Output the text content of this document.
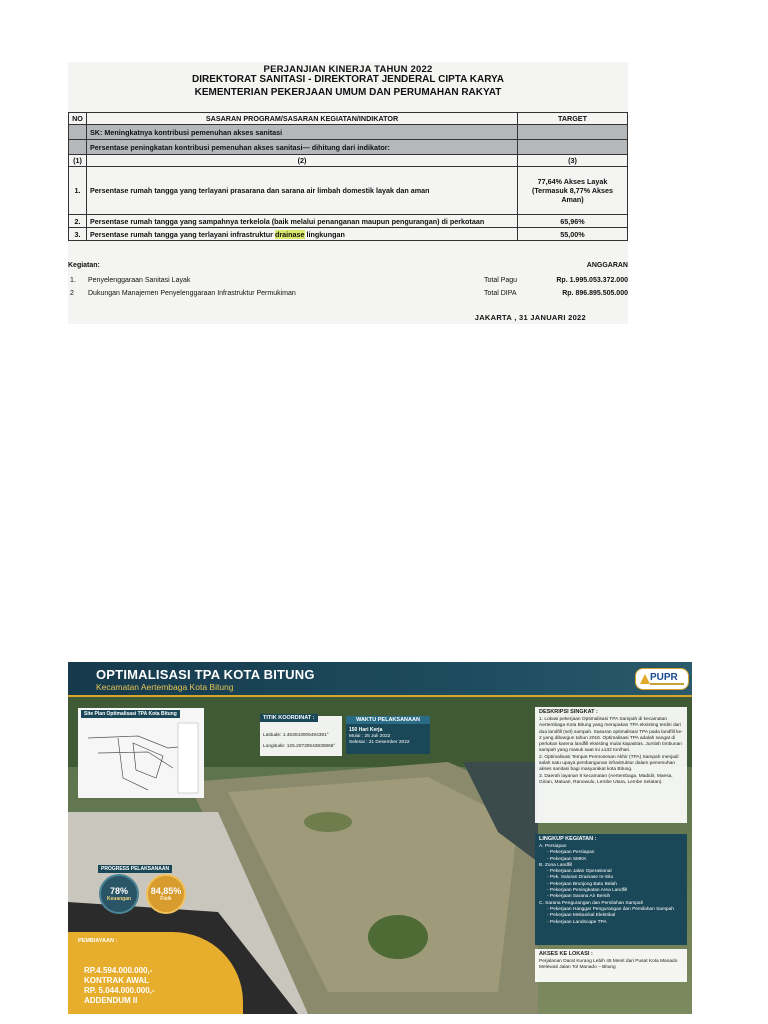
PERJANJIAN KINERJA TAHUN 2022
DIREKTORAT SANITASI - DIREKTORAT JENDERAL CIPTA KARYA
KEMENTERIAN PEKERJAAN UMUM DAN PERUMAHAN RAKYAT
NO	SASARAN PROGRAM/SASARAN KEGIATAN/INDIKATOR	TARGET
	SK: Meningkatnya kontribusi pemenuhan akses sanitasi	
	Persentase peningkatan kontribusi pemenuhan akses sanitasi— dihitung dari indikator:	
(1)	(2)	(3)
1.	Persentase rumah tangga yang terlayani prasarana dan sarana air limbah domestik layak dan aman	77,64% Akses Layak (Termasuk 8,77% Akses Aman)
2.	Persentase rumah tangga yang sampahnya terkelola (baik melalui penanganan maupun pengurangan) di perkotaan	65,96%
3.	Persentase rumah tangga yang terlayani infrastruktur drainase lingkungan	55,00%
Kegiatan:	ANGGARAN
1. Penyelenggaraan Sanitasi Layak	Total Pagu	Rp. 1.995.053.372.000
2 Dukungan Manajemen Penyelenggaraan Infrastruktur Permukiman	Total DIPA	Rp. 896.895.505.000
JAKARTA , 31 JANUARI 2022
OPTIMALISASI TPA KOTA BITUNG
Kecamatan Aertembaga Kota Bitung
PUPR
Site Plan Optimalisasi TPA Kota Bitung
TITIK KOORDINAT :
Latitude: 1.463043005494391°
Longitude: 125.20730643830866°
WAKTU PELAKSANAAN
150 Hari Kerja
Mulai : 25 Juli 2022
Selesai : 21 Desember 2022
DESKRIPSI SINGKAT :
1. Lokasi pekerjaan Optimalisasi TPA Sampah di kecamatan Aertembaga Kota Bitung yang merupakan TPA eksisting terdiri dari dua landfill (sel) sampah. Sasaran optimalisasi TPA pada landfill ke-2 yang dibangun tahun 2016. Optimalisasi TPA adalah sangat di perlukan karena landfill eksisting mulai kapasitas. Jumlah timbunan sampah yang masuk saat ini ±132 ton/hari.
2. Optimalisasi Tempat Pemrosesan Akhir (TPA) Sampah menjadi salah satu upaya pembangunan infrastruktur dalam pemenuhan akses sanitasi bagi masyarakat kota Bitung.
3. Daerah layanan 8 kecamatan (Aertembaga, Madidir, Maesa, Girian, Matuari, Ranowulu, Lembe Utara, Lembe Selatan).
LINGKUP KEGIATAN :
A. Persiapan
- Pekerjaan Persiapan
- Pekerjaan SMKK
B. Zona Landfill
- Pekerjaan Jalan Operasional
- Pek. Saluran Drainase In-Situ
- Pekerjaan Bronjong Batu Belah
- Pekerjaan Peningkatan Area Landfill
- Pekerjaan Sarana Air Bersih
C. Sarana Pengurangan dan Pemilahan Sampah
- Pekerjaan Hanggar Pengurangan dan Pemilahan Sampah
- Pekerjaan Mekanikal Elektrikal
- Pekerjaan Landscape TPA
AKSES KE LOKASI :
Perjalanan Darat Kurang Lebih 45 Menit dari Pusat Kota Manado Melewati Jalan Tol Manado – Bitung
PROGRESS PELAKSANAAN
78%
Keuangan
84,85%
Fisik
PEMBIAYAAN :
RP.4.594.000.000,-
KONTRAK AWAL
RP. 5.044.000.000,-
ADDENDUM II
